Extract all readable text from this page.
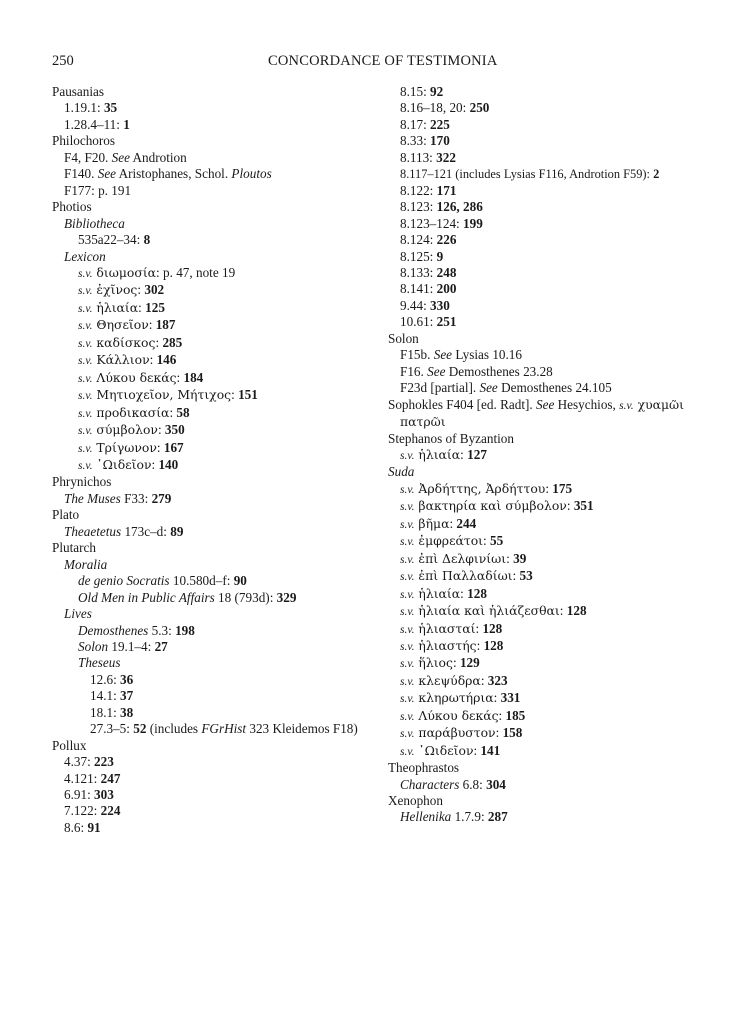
250	CONCORDANCE OF TESTIMONIA
Pausanias
1.19.1: 35
1.28.4–11: 1
Philochoros
F4, F20. See Androtion
F140. See Aristophanes, Schol. Ploutos
F177: p. 191
Photios
Bibliotheca
535a22–34: 8
Lexicon
s.v. διωμοσία: p. 47, note 19
s.v. ἐχῖνος: 302
s.v. ἡλιαία: 125
s.v. Θησεῖον: 187
s.v. καδίσκος: 285
s.v. Κάλλιον: 146
s.v. Λύκου δεκάς: 184
s.v. Μητιοχεῖον, Μήτιχος: 151
s.v. προδικασία: 58
s.v. σύμβολον: 350
s.v. Τρίγωνον: 167
s.v. ᾿Ωιδεῖον: 140
Phrynichos
The Muses F33: 279
Plato
Theaetetus 173c–d: 89
Plutarch
Moralia
de genio Socratis 10.580d–f: 90
Old Men in Public Affairs 18 (793d): 329
Lives
Demosthenes 5.3: 198
Solon 19.1–4: 27
Theseus
12.6: 36
14.1: 37
18.1: 38
27.3–5: 52 (includes FGrHist 323 Kleidemos F18)
Pollux
4.37: 223
4.121: 247
6.91: 303
7.122: 224
8.6: 91
8.15: 92
8.16–18, 20: 250
8.17: 225
8.33: 170
8.113: 322
8.117–121 (includes Lysias F116, Androtion F59): 2
8.122: 171
8.123: 126, 286
8.123–124: 199
8.124: 226
8.125: 9
8.133: 248
8.141: 200
9.44: 330
10.61: 251
Solon
F15b. See Lysias 10.16
F16. See Demosthenes 23.28
F23d [partial]. See Demosthenes 24.105
Sophokles F404 [ed. Radt]. See Hesychios, s.v. χυαμῶι
πατρῶι
Stephanos of Byzantion
s.v. ἡλιαία: 127
Suda
s.v. Ἀρδήττης, Ἀρδήττου: 175
s.v. βακτηρία καὶ σύμβολον: 351
s.v. βῆμα: 244
s.v. ἐμφρεάτοι: 55
s.v. ἐπὶ Δελφινίωι: 39
s.v. ἐπὶ Παλλαδίωι: 53
s.v. ἡλιαία: 128
s.v. ἡλιαία καὶ ἡλιάζεσθαι: 128
s.v. ἡλιασταί: 128
s.v. ἡλιαστής: 128
s.v. ἥλιος: 129
s.v. κλεψύδρα: 323
s.v. κληρωτήρια: 331
s.v. Λύκου δεκάς: 185
s.v. παράβυστον: 158
s.v. ᾿Ωιδεῖον: 141
Theophrastos
Characters 6.8: 304
Xenophon
Hellenika 1.7.9: 287
